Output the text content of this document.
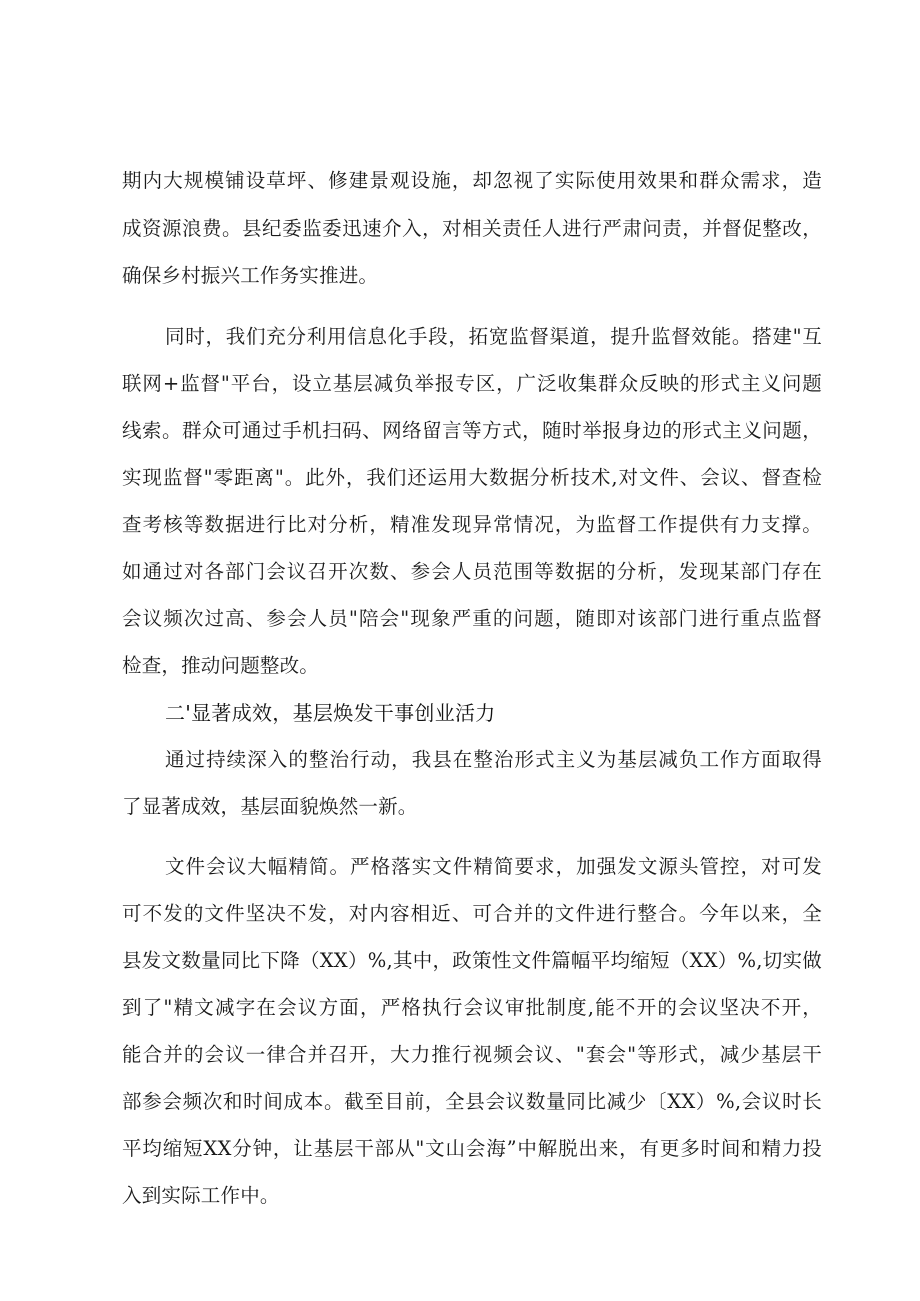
期内大规模铺设草坪、修建景观设施，却忽视了实际使用效果和群众需求，造
成资源浪费。县纪委监委迅速介入，对相关责任人进行严肃问责，并督促整改，
确保乡村振兴工作务实推进。
同时，我们充分利用信息化手段，拓宽监督渠道，提升监督效能。搭建"互
联网+监督"平台，设立基层减负举报专区，广泛收集群众反映的形式主义问题
线索。群众可通过手机扫码、网络留言等方式，随时举报身边的形式主义问题，
实现监督"零距离"。此外，我们还运用大数据分析技术,对文件、会议、督查检
查考核等数据进行比对分析，精准发现异常情况，为监督工作提供有力支撑。
如通过对各部门会议召开次数、参会人员范围等数据的分析，发现某部门存在
会议频次过高、参会人员"陪会"现象严重的问题，随即对该部门进行重点监督
检查，推动问题整改。
二'显著成效，基层焕发干事创业活力
通过持续深入的整治行动，我县在整治形式主义为基层减负工作方面取得
了显著成效，基层面貌焕然一新。
文件会议大幅精简。严格落实文件精简要求，加强发文源头管控，对可发
可不发的文件坚决不发，对内容相近、可合并的文件进行整合。今年以来，全
县发文数量同比下降（XX）%,其中，政策性文件篇幅平均缩短（XX）%,切实做
到了"精文减字在会议方面，严格执行会议审批制度,能不开的会议坚决不开，
能合并的会议一律合并召开，大力推行视频会议、"套会"等形式，减少基层干
部参会频次和时间成本。截至目前，全县会议数量同比减少〔XX）%,会议时长
平均缩短XX分钟，让基层干部从"文山会海”中解脱出来，有更多时间和精力投
入到实际工作中。
